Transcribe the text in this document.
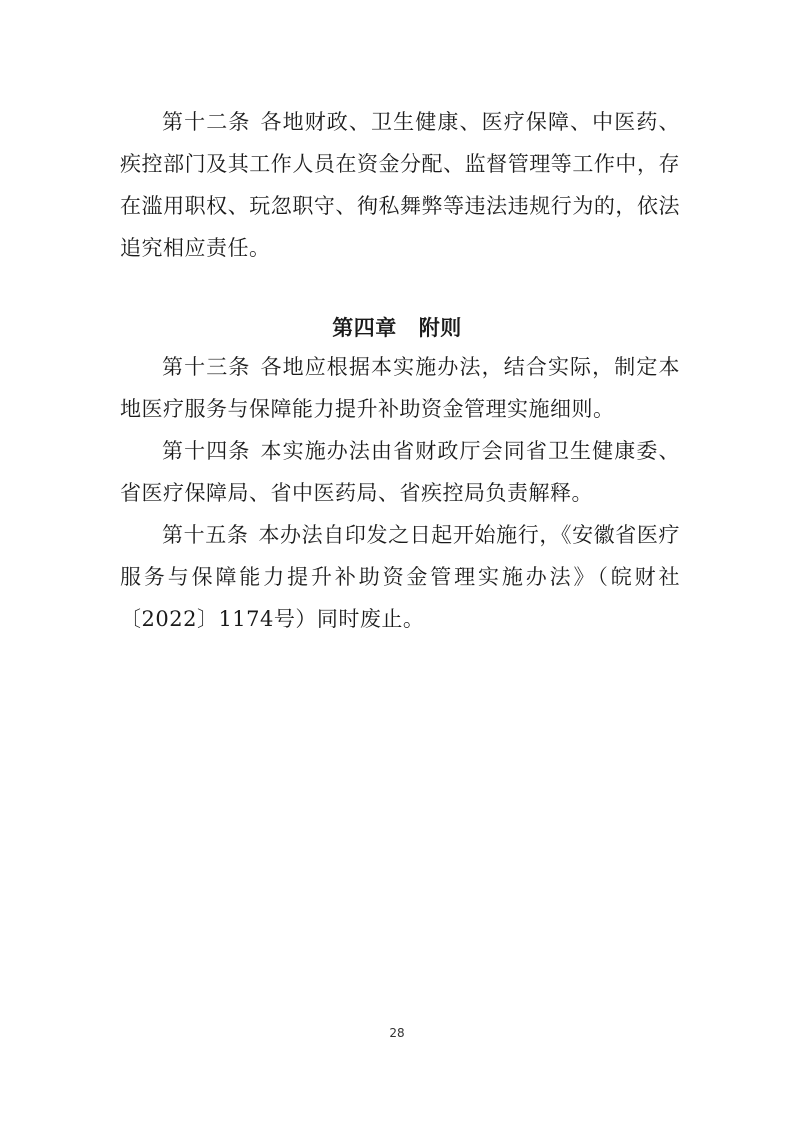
第十二条 各地财政、卫生健康、医疗保障、中医药、疾控部门及其工作人员在资金分配、监督管理等工作中，存在滥用职权、玩忽职守、徇私舞弊等违法违规行为的，依法追究相应责任。

第四章 附则

第十三条 各地应根据本实施办法，结合实际，制定本地医疗服务与保障能力提升补助资金管理实施细则。

第十四条 本实施办法由省财政厅会同省卫生健康委、省医疗保障局、省中医药局、省疾控局负责解释。

第十五条 本办法自印发之日起开始施行，《安徽省医疗服务与保障能力提升补助资金管理实施办法》（皖财社〔2022〕1174号）同时废止。

28
